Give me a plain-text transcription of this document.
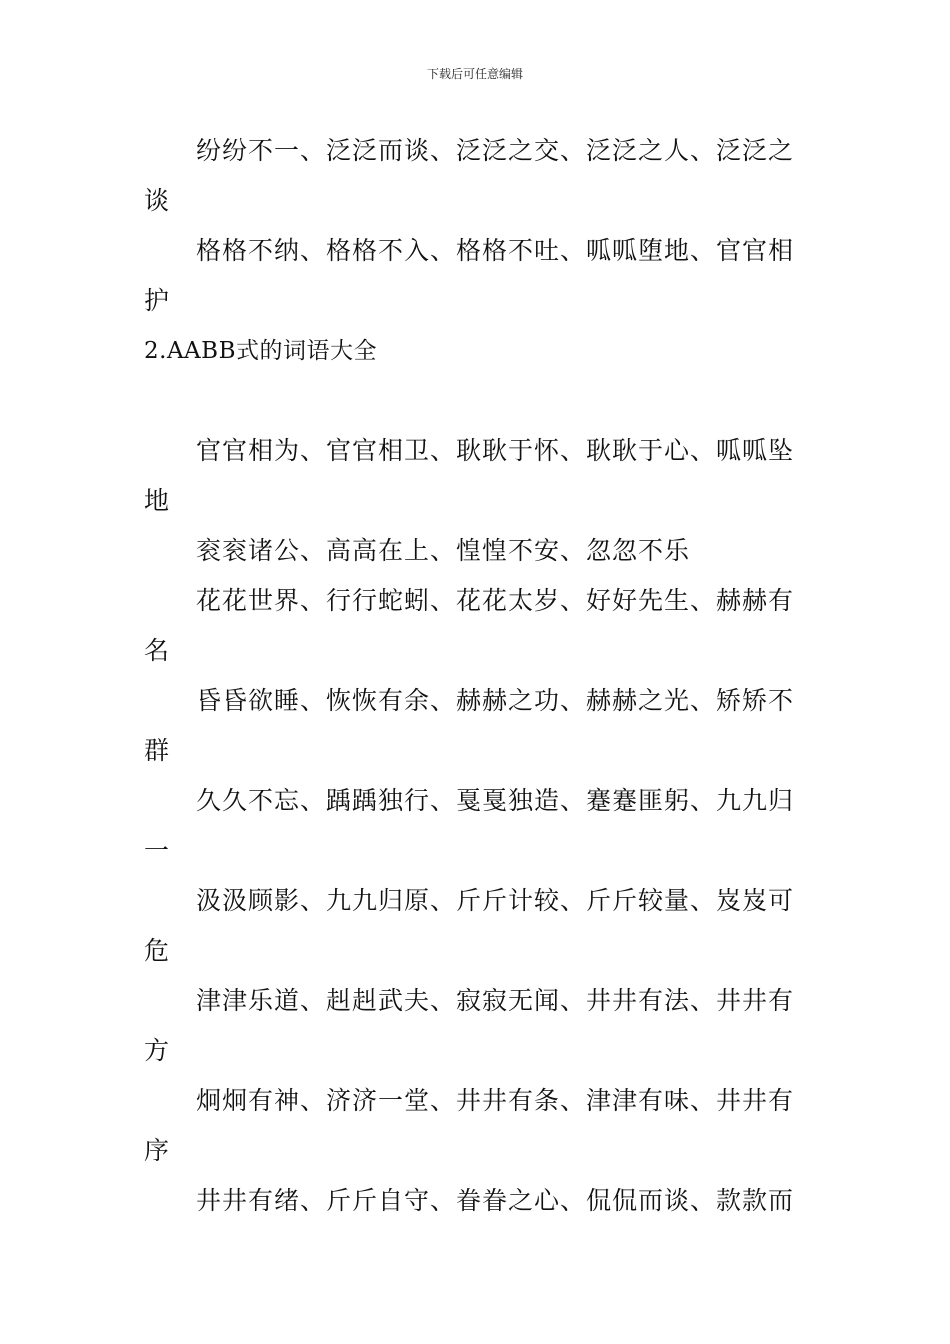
下载后可任意编辑

纷纷不一、泛泛而谈、泛泛之交、泛泛之人、泛泛之谈

格格不纳、格格不入、格格不吐、呱呱堕地、官官相护

2.AABB式的词语大全

官官相为、官官相卫、耿耿于怀、耿耿于心、呱呱坠地

衮衮诸公、高高在上、惶惶不安、忽忽不乐

花花世界、行行蛇蚓、花花太岁、好好先生、赫赫有名

昏昏欲睡、恢恢有余、赫赫之功、赫赫之光、矫矫不群

久久不忘、踽踽独行、戛戛独造、蹇蹇匪躬、九九归一

汲汲顾影、九九归原、斤斤计较、斤斤较量、岌岌可危

津津乐道、赳赳武夫、寂寂无闻、井井有法、井井有方

炯炯有神、济济一堂、井井有条、津津有味、井井有序

井井有绪、斤斤自守、眷眷之心、侃侃而谈、款款而
